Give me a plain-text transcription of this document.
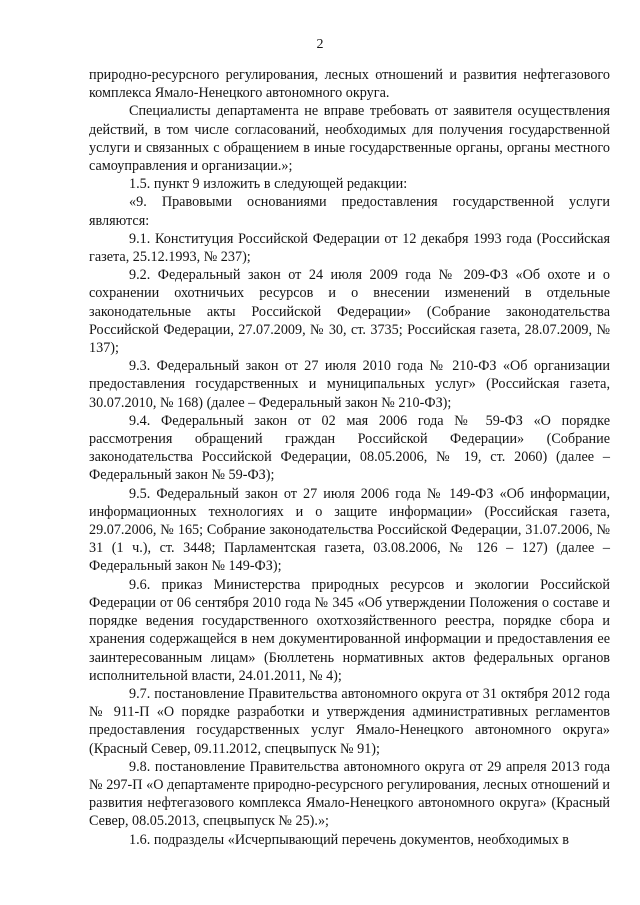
2

природно-ресурсного регулирования, лесных отношений и развития нефтегазового комплекса Ямало-Ненецкого автономного округа.

Специалисты департамента не вправе требовать от заявителя осуществления действий, в том числе согласований, необходимых для получения государственной услуги и связанных с обращением в иные государственные органы, органы местного самоуправления и организации.»;

1.5. пункт 9 изложить в следующей редакции:

«9. Правовыми основаниями предоставления государственной услуги являются:

9.1. Конституция Российской Федерации от 12 декабря 1993 года (Российская газета, 25.12.1993, № 237);

9.2. Федеральный закон от 24 июля 2009 года № 209-ФЗ «Об охоте и о сохранении охотничьих ресурсов и о внесении изменений в отдельные законодательные акты Российской Федерации» (Собрание законодательства Российской Федерации, 27.07.2009, № 30, ст. 3735; Российская газета, 28.07.2009, № 137);

9.3. Федеральный закон от 27 июля 2010 года № 210-ФЗ «Об организации предоставления государственных и муниципальных услуг» (Российская газета, 30.07.2010, № 168) (далее – Федеральный закон № 210-ФЗ);

9.4. Федеральный закон от 02 мая 2006 года № 59-ФЗ «О порядке рассмотрения обращений граждан Российской Федерации» (Собрание законодательства Российской Федерации, 08.05.2006, № 19, ст. 2060) (далее – Федеральный закон № 59-ФЗ);

9.5. Федеральный закон от 27 июля 2006 года № 149-ФЗ «Об информации, информационных технологиях и о защите информации» (Российская газета, 29.07.2006, № 165; Собрание законодательства Российской Федерации, 31.07.2006, № 31 (1 ч.), ст. 3448; Парламентская газета, 03.08.2006, № 126 – 127) (далее – Федеральный закон № 149-ФЗ);

9.6. приказ Министерства природных ресурсов и экологии Российской Федерации от 06 сентября 2010 года № 345 «Об утверждении Положения о составе и порядке ведения государственного охотхозяйственного реестра, порядке сбора и хранения содержащейся в нем документированной информации и предоставления ее заинтересованным лицам» (Бюллетень нормативных актов федеральных органов исполнительной власти, 24.01.2011, № 4);

9.7. постановление Правительства автономного округа от 31 октября 2012 года № 911-П «О порядке разработки и утверждения административных регламентов предоставления государственных услуг Ямало-Ненецкого автономного округа» (Красный Север, 09.11.2012, спецвыпуск № 91);

9.8. постановление Правительства автономного округа от 29 апреля 2013 года № 297-П «О департаменте природно-ресурсного регулирования, лесных отношений и развития нефтегазового комплекса Ямало-Ненецкого автономного округа» (Красный Север, 08.05.2013, спецвыпуск № 25).»;

1.6. подразделы «Исчерпывающий перечень документов, необходимых в
